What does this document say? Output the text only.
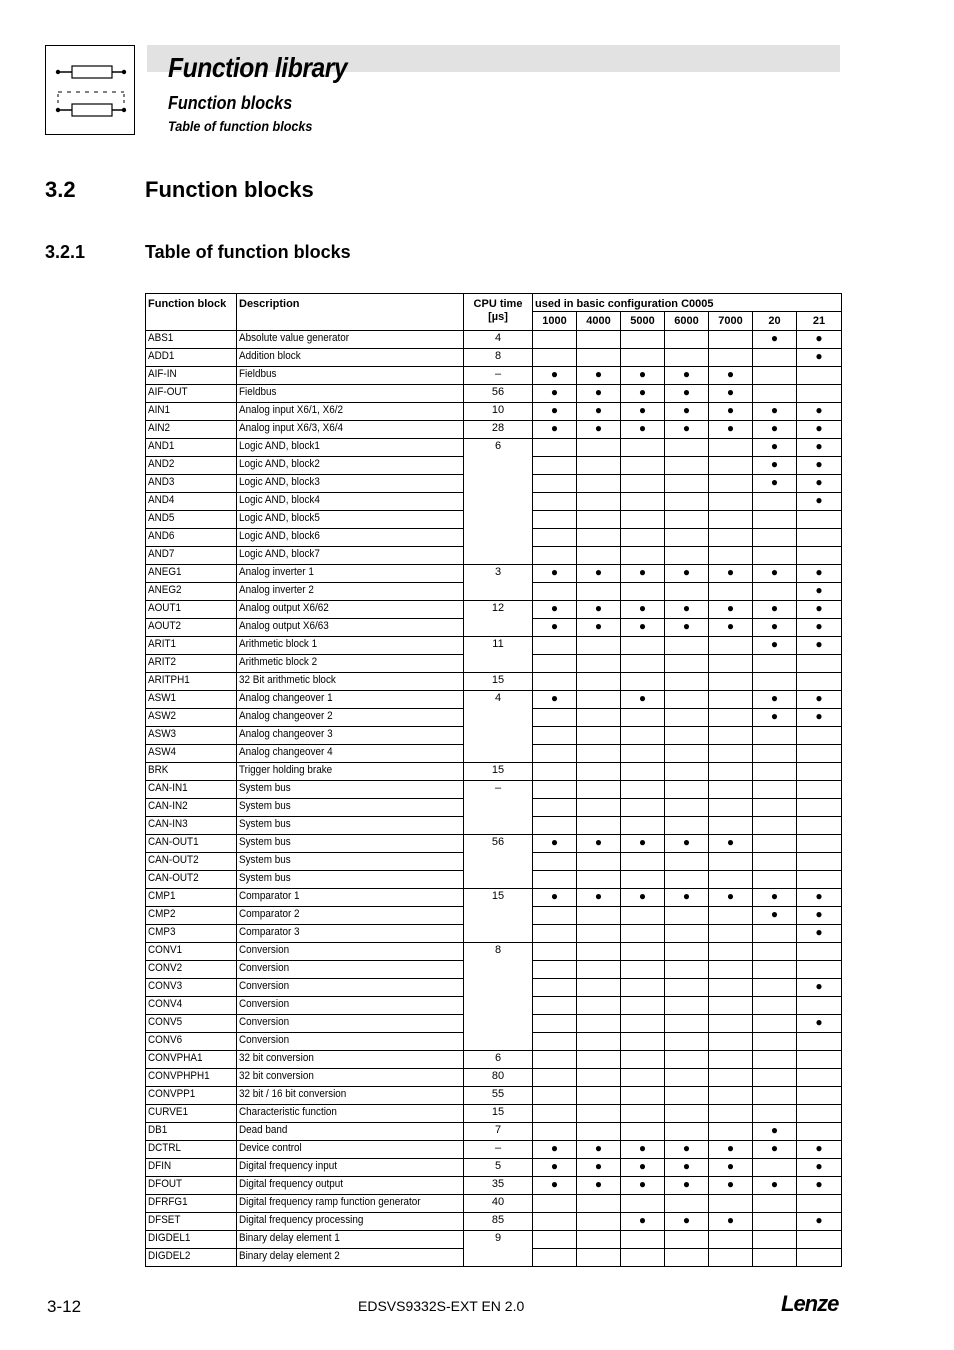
Function library
Function blocks
Table of function blocks
3.2	Function blocks
3.2.1	Table of function blocks
Function block	Description	CPU time
[µs]	used in basic configuration C0005						
			1000	4000	5000	6000	7000	20	21
ABS1	Absolute value generator	4						●	●
ADD1	Addition block	8							●
AIF-IN	Fieldbus	–	●	●	●	●	●		
AIF-OUT	Fieldbus	56	●	●	●	●	●		
AIN1	Analog input X6/1, X6/2	10	●	●	●	●	●	●	●
AIN2	Analog input X6/3, X6/4	28	●	●	●	●	●	●	●
AND1	Logic AND, block1	6						●	●
AND2	Logic AND, block2							●	●
AND3	Logic AND, block3							●	●
AND4	Logic AND, block4								●
AND5	Logic AND, block5								
AND6	Logic AND, block6								
AND7	Logic AND, block7								
ANEG1	Analog inverter 1	3	●	●	●	●	●	●	●
ANEG2	Analog inverter 2								●
AOUT1	Analog output X6/62	12	●	●	●	●	●	●	●
AOUT2	Analog output X6/63		●	●	●	●	●	●	●
ARIT1	Arithmetic block 1	11						●	●
ARIT2	Arithmetic block 2								
ARITPH1	32 Bit arithmetic block	15							
ASW1	Analog changeover 1	4	●		●			●	●
ASW2	Analog changeover 2							●	●
ASW3	Analog changeover 3								
ASW4	Analog changeover 4								
BRK	Trigger holding brake	15							
CAN-IN1	System bus	–							
CAN-IN2	System bus								
CAN-IN3	System bus								
CAN-OUT1	System bus	56	●	●	●	●	●		
CAN-OUT2	System bus								
CAN-OUT2	System bus								
CMP1	Comparator 1	15	●	●	●	●	●	●	●
CMP2	Comparator 2							●	●
CMP3	Comparator 3								●
CONV1	Conversion	8							
CONV2	Conversion								
CONV3	Conversion								●
CONV4	Conversion								
CONV5	Conversion								●
CONV6	Conversion								
CONVPHA1	32 bit conversion	6							
CONVPHPH1	32 bit conversion	80							
CONVPP1	32 bit / 16 bit conversion	55							
CURVE1	Characteristic function	15							
DB1	Dead band	7						●	
DCTRL	Device control	–	●	●	●	●	●	●	●
DFIN	Digital frequency input	5	●	●	●	●	●		●
DFOUT	Digital frequency output	35	●	●	●	●	●	●	●
DFRFG1	Digital frequency ramp function generator	40							
DFSET	Digital frequency processing	85			●	●	●		●
DIGDEL1	Binary delay element 1	9							
DIGDEL2	Binary delay element 2								
3-12	EDSVS9332S-EXT EN 2.0	Lenze
